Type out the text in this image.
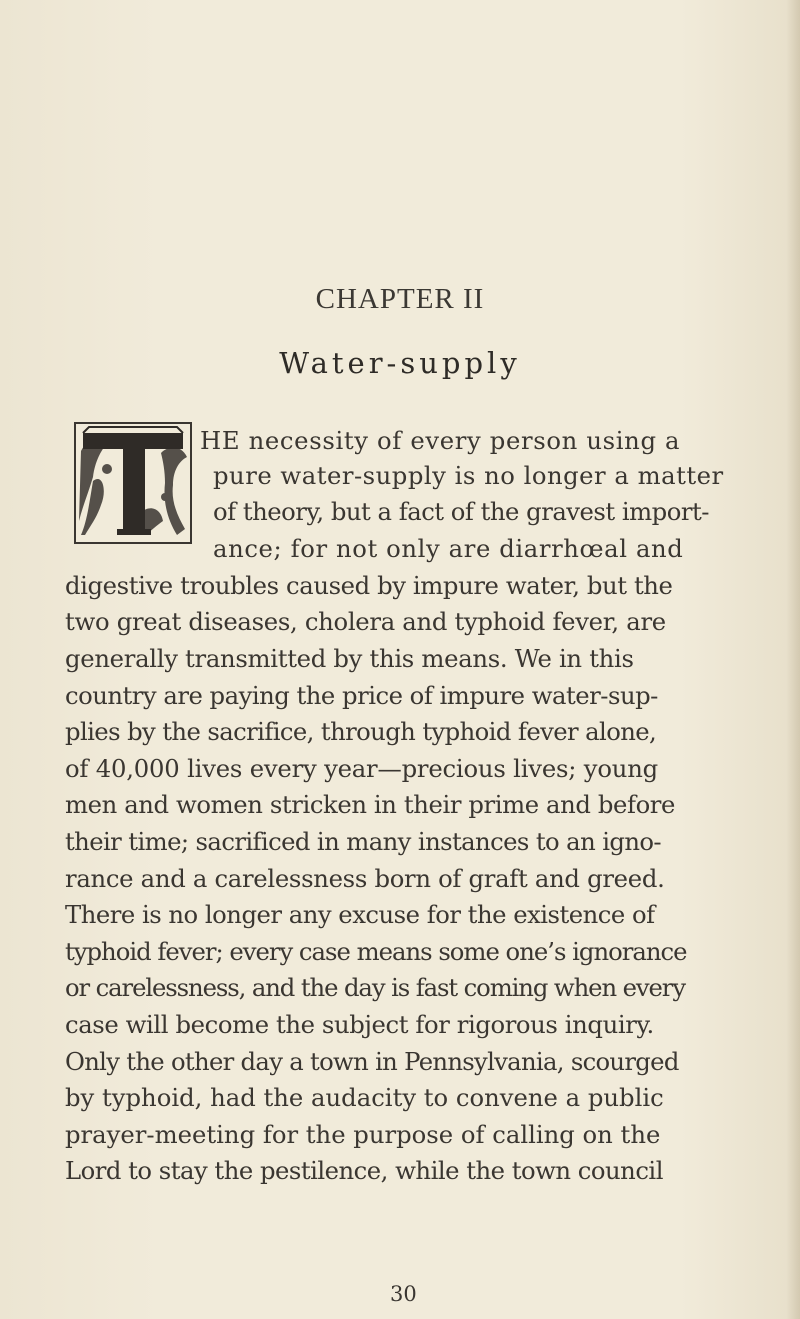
CHAPTER II
Water-supply
HE necessity of every person using a
pure water-supply is no longer a matter
of theory, but a fact of the gravest import-
ance; for not only are diarrhœal and
digestive troubles caused by impure water, but the
two great diseases, cholera and typhoid fever, are
generally transmitted by this means. We in this
country are paying the price of impure water-sup-
plies by the sacrifice, through typhoid fever alone,
of 40,000 lives every year—precious lives; young
men and women stricken in their prime and before
their time; sacrificed in many instances to an igno-
rance and a carelessness born of graft and greed.
There is no longer any excuse for the existence of
typhoid fever; every case means some one’s ignorance
or carelessness, and the day is fast coming when every
case will become the subject for rigorous inquiry.
Only the other day a town in Pennsylvania, scourged
by typhoid, had the audacity to convene a public
prayer-meeting for the purpose of calling on the
Lord to stay the pestilence, while the town council
30
